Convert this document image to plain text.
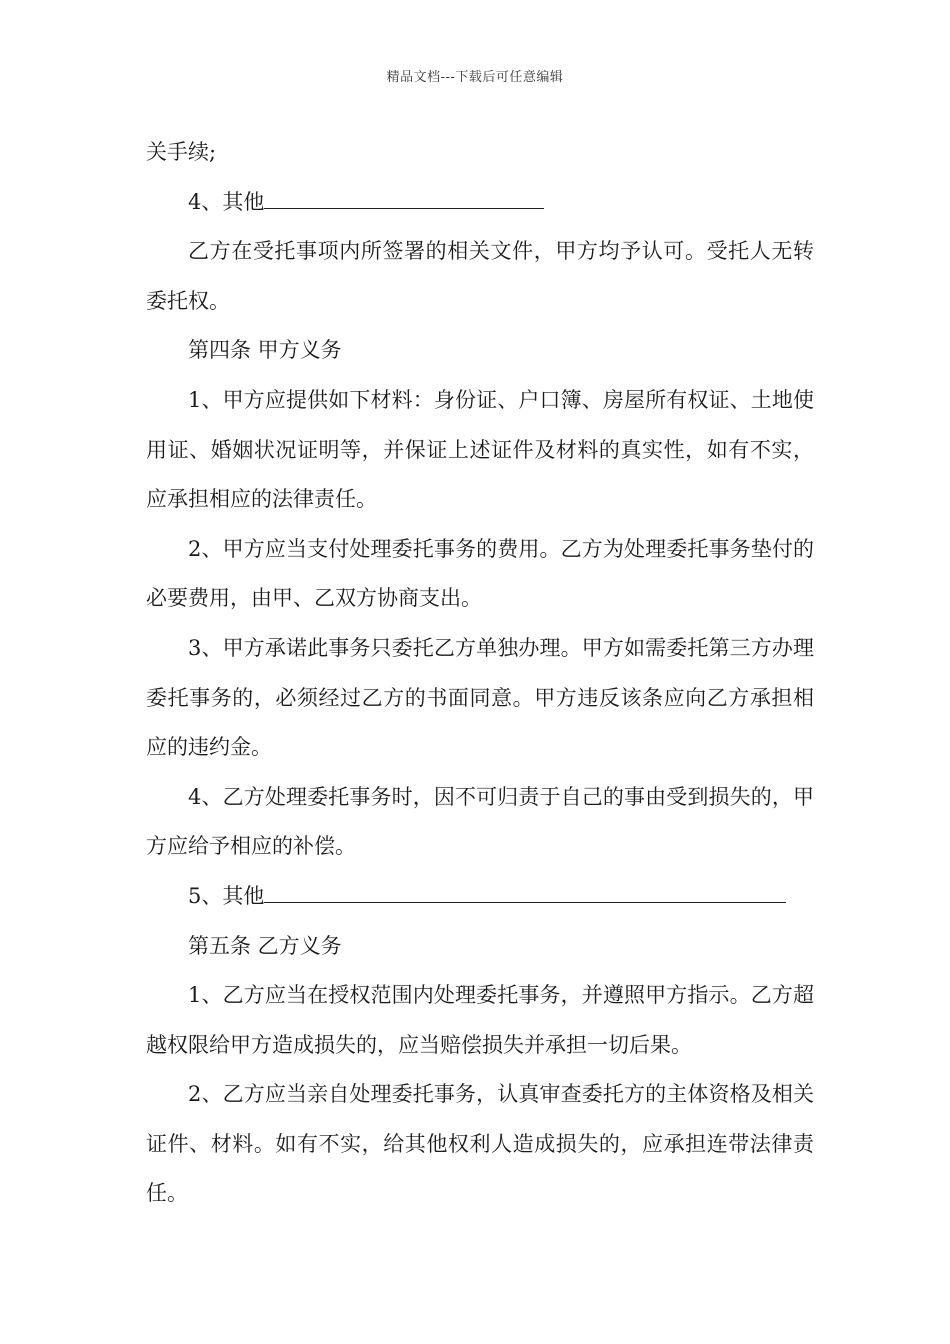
精品文档---下载后可任意编辑

关手续;

4、其他

乙方在受托事项内所签署的相关文件，甲方均予认可。受托人无转委托权。

第四条 甲方义务

1、甲方应提供如下材料：身份证、户口簿、房屋所有权证、土地使用证、婚姻状况证明等，并保证上述证件及材料的真实性，如有不实，应承担相应的法律责任。

2、甲方应当支付处理委托事务的费用。乙方为处理委托事务垫付的必要费用，由甲、乙双方协商支出。

3、甲方承诺此事务只委托乙方单独办理。甲方如需委托第三方办理委托事务的，必须经过乙方的书面同意。甲方违反该条应向乙方承担相应的违约金。

4、乙方处理委托事务时，因不可归责于自己的事由受到损失的，甲方应给予相应的补偿。

5、其他

第五条 乙方义务

1、乙方应当在授权范围内处理委托事务，并遵照甲方指示。乙方超越权限给甲方造成损失的，应当赔偿损失并承担一切后果。

2、乙方应当亲自处理委托事务，认真审查委托方的主体资格及相关证件、材料。如有不实，给其他权利人造成损失的，应承担连带法律责任。
